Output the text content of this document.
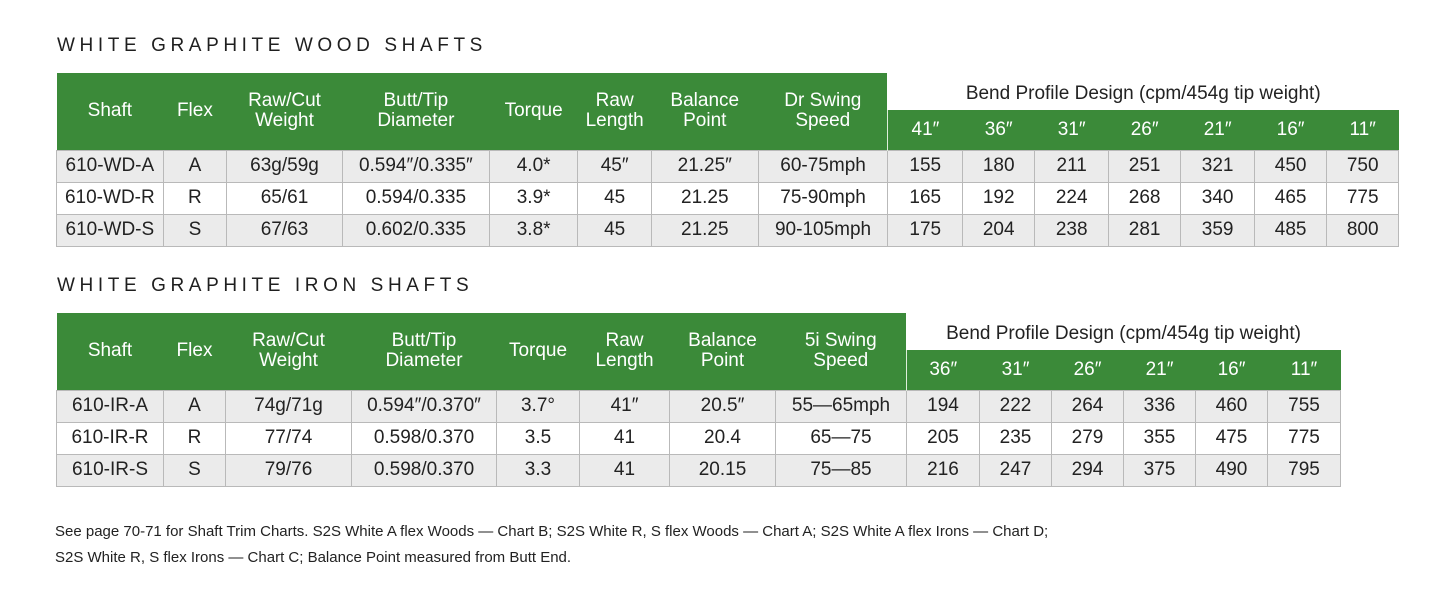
WHITE GRAPHITE WOOD SHAFTS
Shaft	Flex	Raw/Cut Weight	Butt/Tip Diameter	Torque	Raw Length	Balance Point	Dr Swing Speed	Bend Profile Design (cpm/454g tip weight)						
								41″	36″	31″	26″	21″	16″	11″
610-WD-A	A	63g/59g	0.594″/0.335″	4.0*	45″	21.25″	60-75mph	155	180	211	251	321	450	750
610-WD-R	R	65/61	0.594/0.335	3.9*	45	21.25	75-90mph	165	192	224	268	340	465	775
610-WD-S	S	67/63	0.602/0.335	3.8*	45	21.25	90-105mph	175	204	238	281	359	485	800
WHITE GRAPHITE IRON SHAFTS
Shaft	Flex	Raw/Cut Weight	Butt/Tip Diameter	Torque	Raw Length	Balance Point	5i Swing Speed	Bend Profile Design (cpm/454g tip weight)					
								36″	31″	26″	21″	16″	11″
610-IR-A	A	74g/71g	0.594″/0.370″	3.7°	41″	20.5″	55—65mph	194	222	264	336	460	755
610-IR-R	R	77/74	0.598/0.370	3.5	41	20.4	65—75	205	235	279	355	475	775
610-IR-S	S	79/76	0.598/0.370	3.3	41	20.15	75—85	216	247	294	375	490	795
See page 70-71 for Shaft Trim Charts. S2S White A flex Woods — Chart B; S2S White R, S flex Woods — Chart A; S2S White A flex Irons — Chart D;
S2S White R, S flex Irons — Chart C; Balance Point measured from Butt End.
